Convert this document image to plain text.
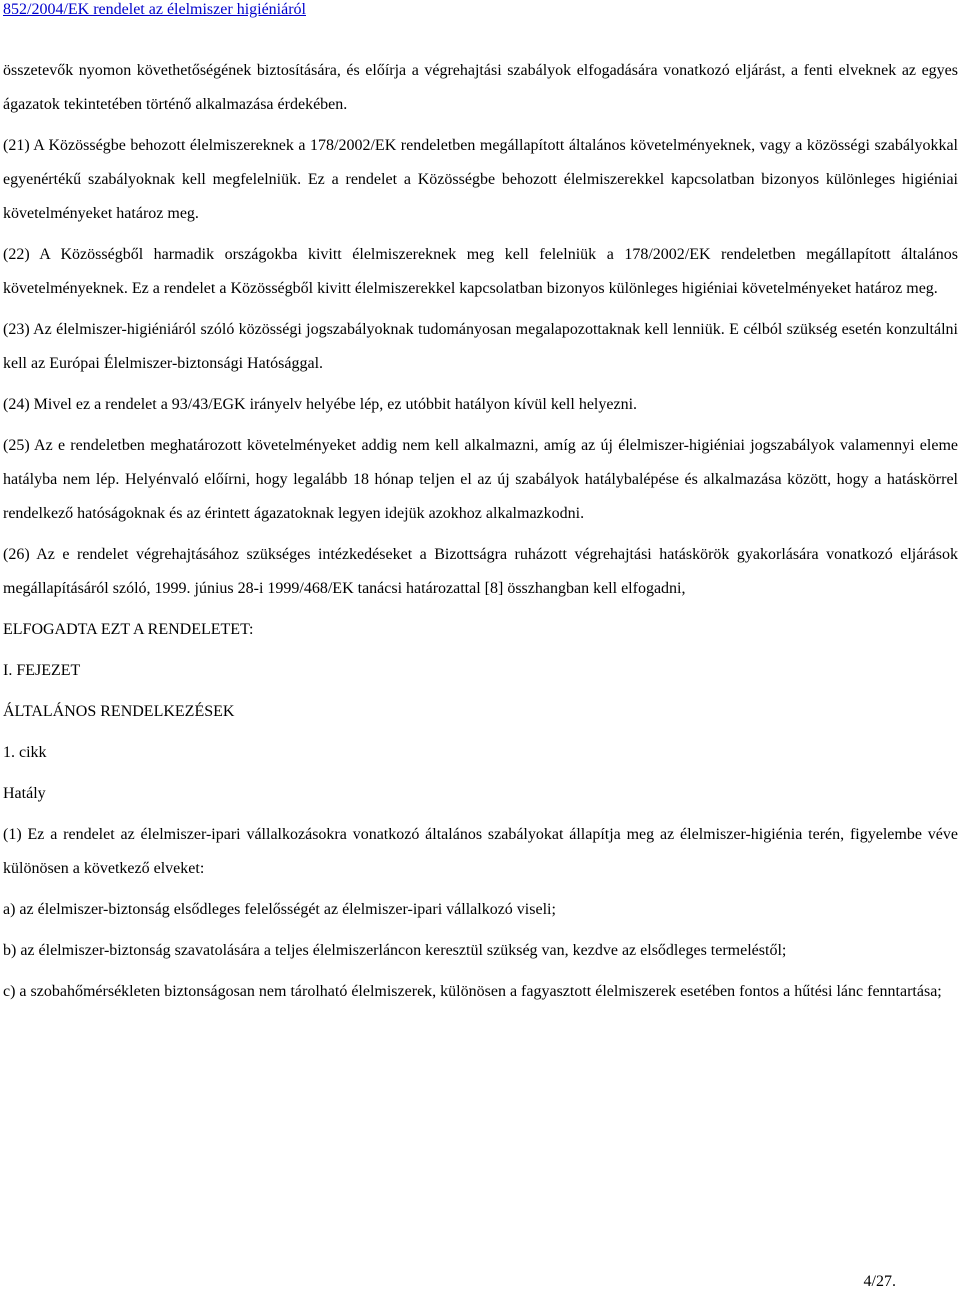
852/2004/EK rendelet az élelmiszer higiéniáról

összetevők nyomon követhetőségének biztosítására, és előírja a végrehajtási szabályok elfogadására vonatkozó eljárást, a fenti elveknek az egyes ágazatok tekintetében történő alkalmazása érdekében.

(21) A Közösségbe behozott élelmiszereknek a 178/2002/EK rendeletben megállapított általános követelményeknek, vagy a közösségi szabályokkal egyenértékű szabályoknak kell megfelelniük. Ez a rendelet a Közösségbe behozott élelmiszerekkel kapcsolatban bizonyos különleges higiéniai követelményeket határoz meg.

(22) A Közösségből harmadik országokba kivitt élelmiszereknek meg kell felelniük a 178/2002/EK rendeletben megállapított általános követelményeknek. Ez a rendelet a Közösségből kivitt élelmiszerekkel kapcsolatban bizonyos különleges higiéniai követelményeket határoz meg.

(23) Az élelmiszer-higiéniáról szóló közösségi jogszabályoknak tudományosan megalapozottaknak kell lenniük. E célból szükség esetén konzultálni kell az Európai Élelmiszer-biztonsági Hatósággal.

(24) Mivel ez a rendelet a 93/43/EGK irányelv helyébe lép, ez utóbbit hatályon kívül kell helyezni.

(25) Az e rendeletben meghatározott követelményeket addig nem kell alkalmazni, amíg az új élelmiszer-higiéniai jogszabályok valamennyi eleme hatályba nem lép. Helyénvaló előírni, hogy legalább 18 hónap teljen el az új szabályok hatálybalépése és alkalmazása között, hogy a hatáskörrel rendelkező hatóságoknak és az érintett ágazatoknak legyen idejük azokhoz alkalmazkodni.

(26) Az e rendelet végrehajtásához szükséges intézkedéseket a Bizottságra ruházott végrehajtási hatáskörök gyakorlására vonatkozó eljárások megállapításáról szóló, 1999. június 28-i 1999/468/EK tanácsi határozattal [8] összhangban kell elfogadni,

ELFOGADTA EZT A RENDELETET:

I. FEJEZET

ÁLTALÁNOS RENDELKEZÉSEK

1. cikk

Hatály

(1) Ez a rendelet az élelmiszer-ipari vállalkozásokra vonatkozó általános szabályokat állapítja meg az élelmiszer-higiénia terén, figyelembe véve különösen a következő elveket:

a) az élelmiszer-biztonság elsődleges felelősségét az élelmiszer-ipari vállalkozó viseli;

b) az élelmiszer-biztonság szavatolására a teljes élelmiszerláncon keresztül szükség van, kezdve az elsődleges termeléstől;

c) a szobahőmérsékleten biztonságosan nem tárolható élelmiszerek, különösen a fagyasztott élelmiszerek esetében fontos a hűtési lánc fenntartása;

4/27.
